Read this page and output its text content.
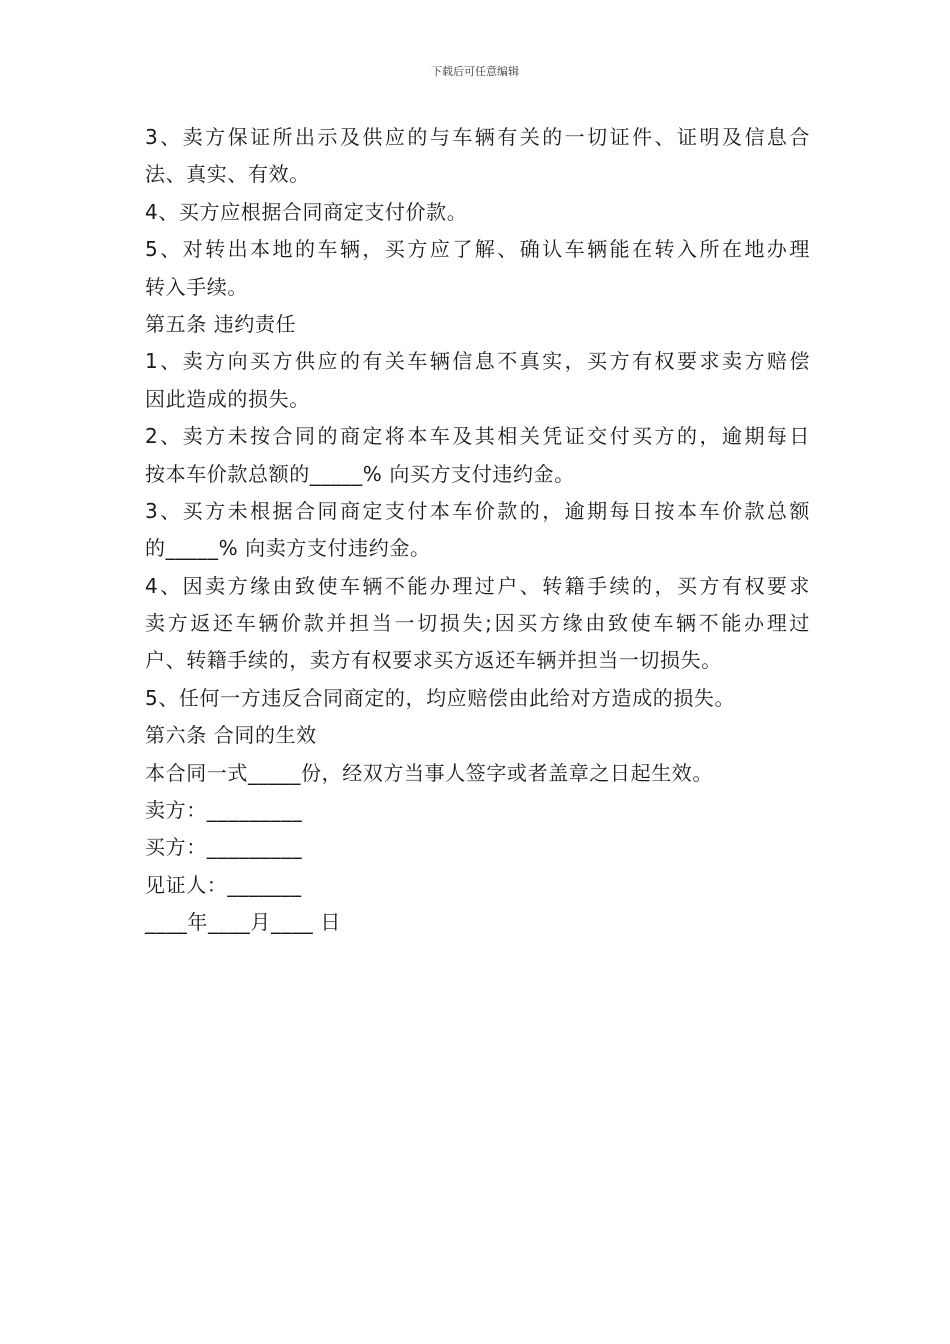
下载后可任意编辑
3、卖方保证所出示及供应的与车辆有关的一切证件、证明及信息合
法、真实、有效。
4、买方应根据合同商定支付价款。
5、对转出本地的车辆，买方应了解、确认车辆能在转入所在地办理
转入手续。
第五条 违约责任
1、卖方向买方供应的有关车辆信息不真实，买方有权要求卖方赔偿
因此造成的损失。
2、卖方未按合同的商定将本车及其相关凭证交付买方的，逾期每日
按本车价款总额的_____% 向买方支付违约金。
3、买方未根据合同商定支付本车价款的，逾期每日按本车价款总额
的_____% 向卖方支付违约金。
4、因卖方缘由致使车辆不能办理过户、转籍手续的，买方有权要求
卖方返还车辆价款并担当一切损失;因买方缘由致使车辆不能办理过
户、转籍手续的，卖方有权要求买方返还车辆并担当一切损失。
5、任何一方违反合同商定的，均应赔偿由此给对方造成的损失。
第六条 合同的生效
本合同一式_____份，经双方当事人签字或者盖章之日起生效。
卖方：_________
买方：_________
见证人：_______
____年____月____ 日
